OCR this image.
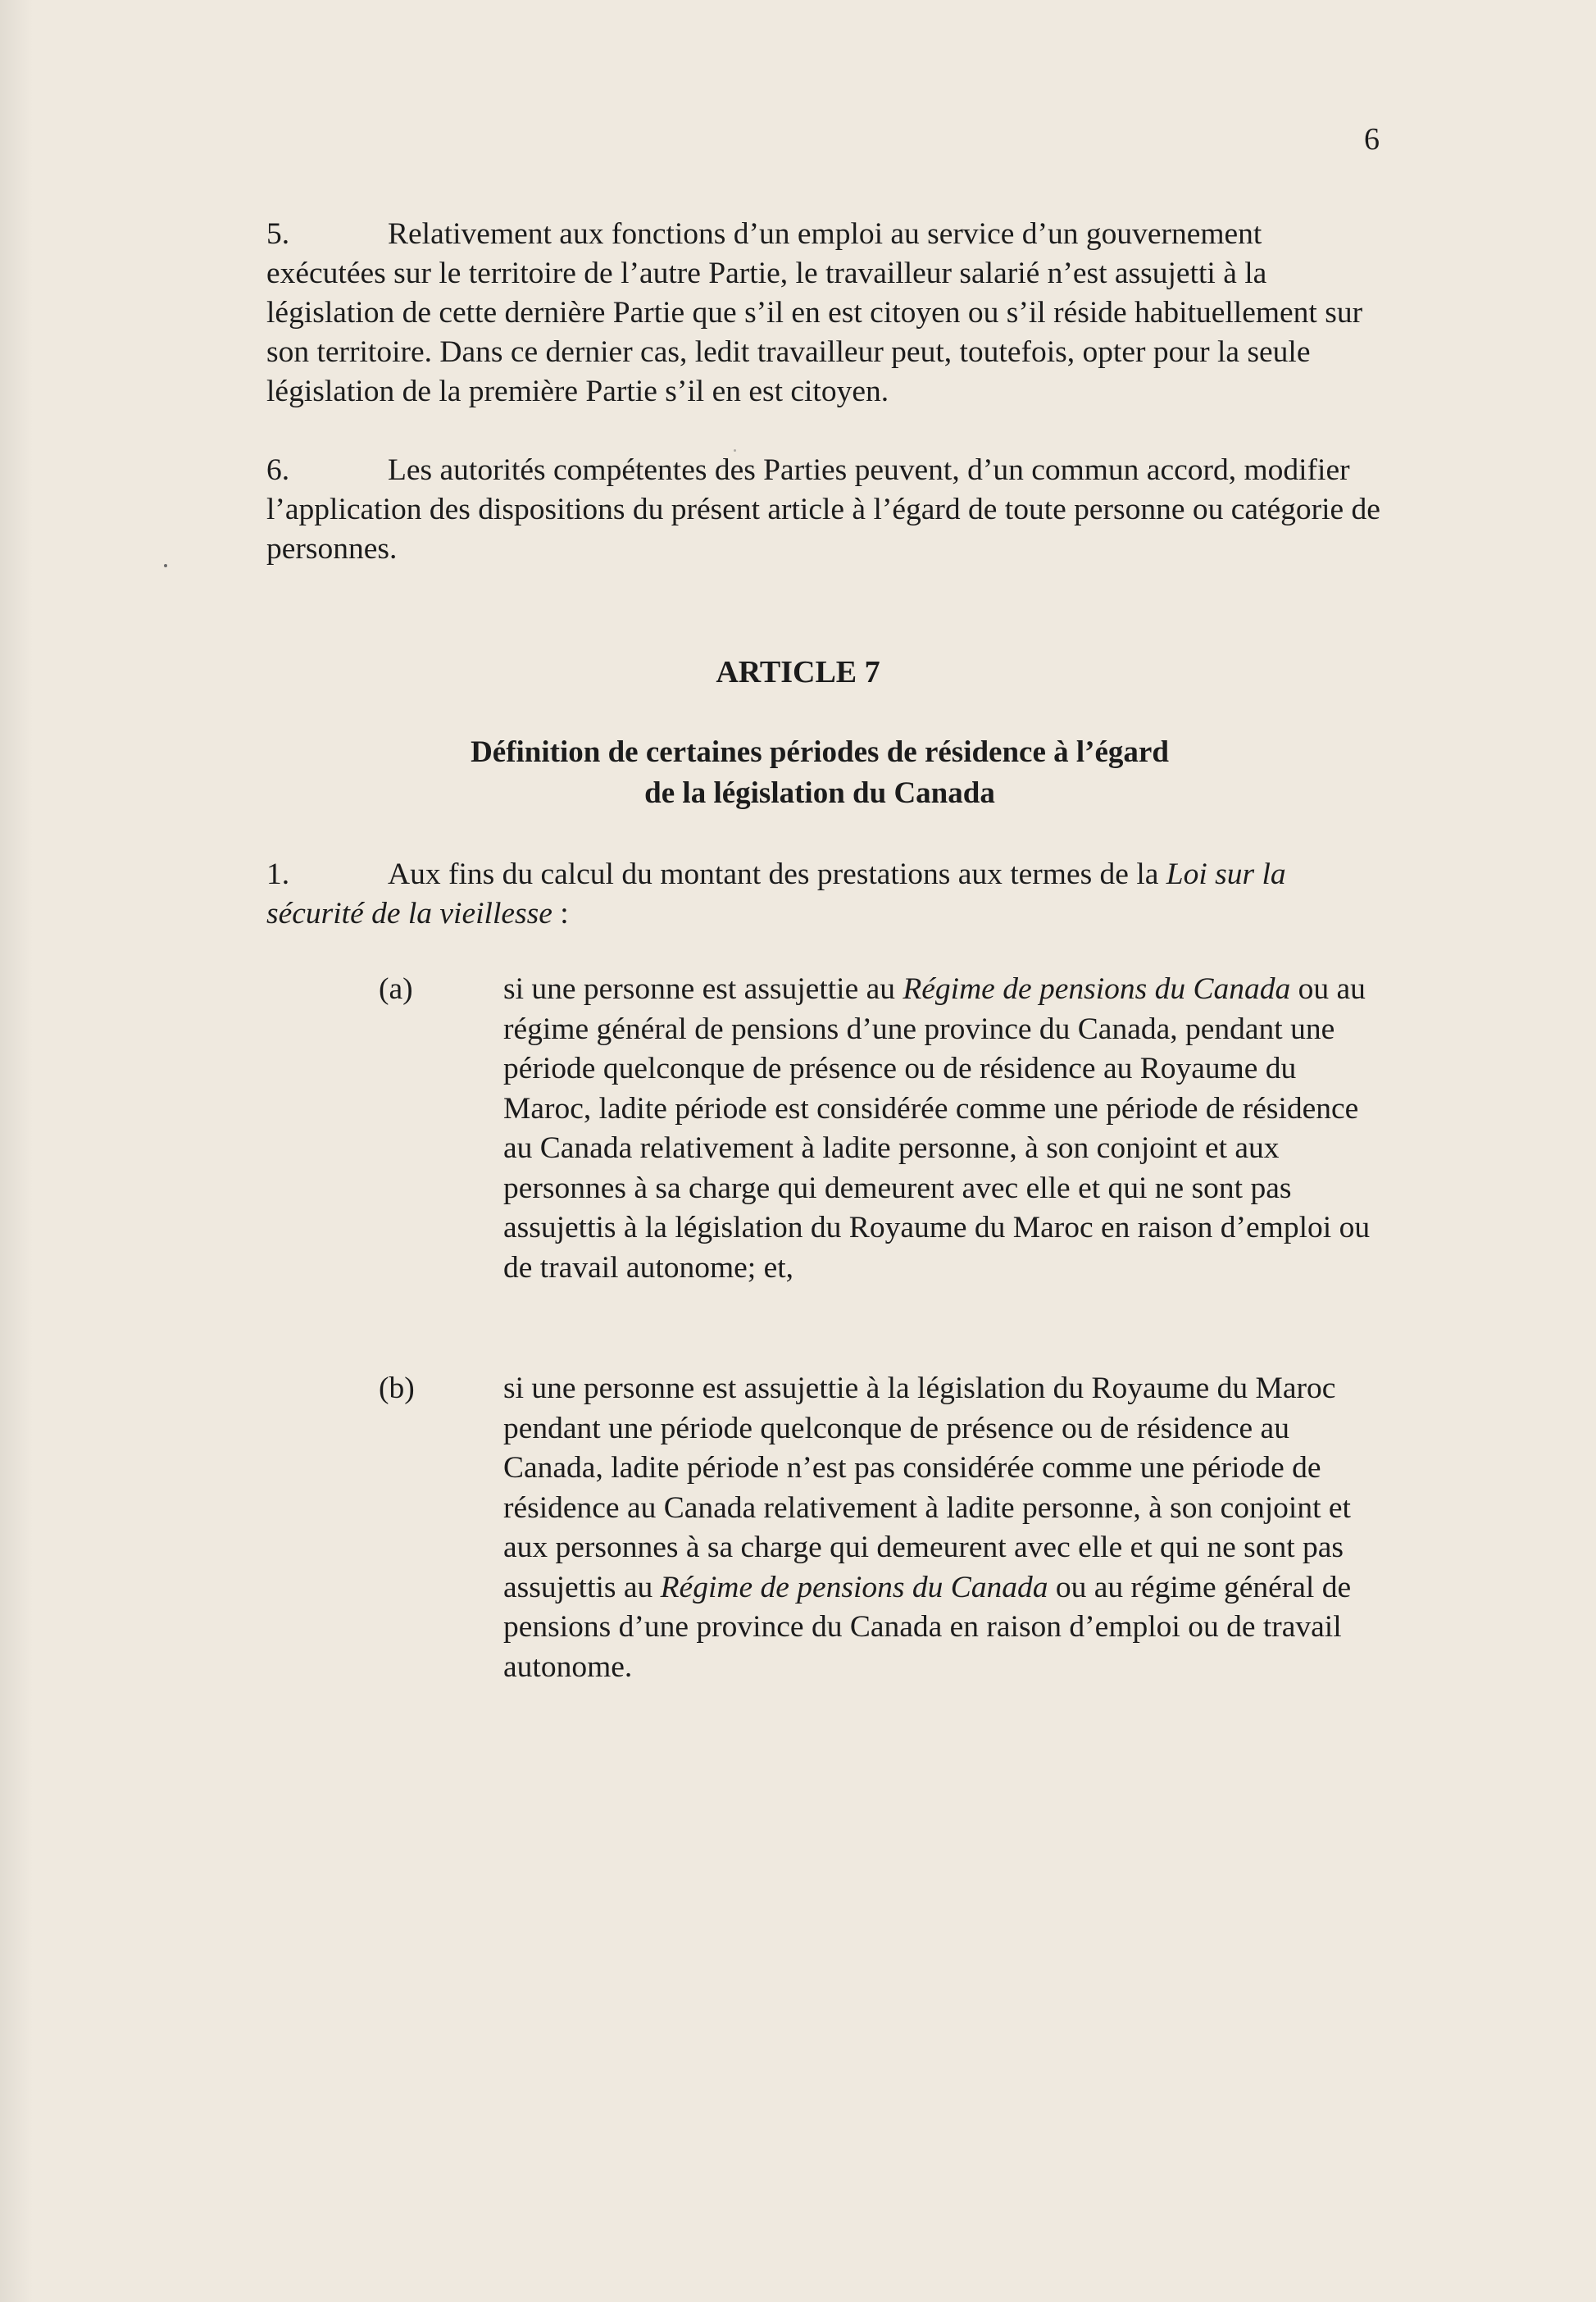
6
5.	Relativement aux fonctions d’un emploi au service d’un gouvernement exécutées sur le territoire de l’autre Partie, le travailleur salarié n’est assujetti à la législation de cette dernière Partie que s’il en est citoyen ou s’il réside habituellement sur son territoire. Dans ce dernier cas, ledit travailleur peut, toutefois, opter pour la seule législation de la première Partie s’il en est citoyen.
6.	Les autorités compétentes des Parties peuvent, d’un commun accord, modifier l’application des dispositions du présent article à l’égard de toute personne ou catégorie de personnes.
ARTICLE 7
Définition de certaines périodes de résidence à l’égard
de la législation du Canada
1.	Aux fins du calcul du montant des prestations aux termes de la Loi sur la sécurité de la vieillesse :
(a)	si une personne est assujettie au Régime de pensions du Canada ou au régime général de pensions d’une province du Canada, pendant une période quelconque de présence ou de résidence au Royaume du Maroc, ladite période est considérée comme une période de résidence au Canada relativement à ladite personne, à son conjoint et aux personnes à sa charge qui demeurent avec elle et qui ne sont pas assujettis à la législation du Royaume du Maroc en raison d’emploi ou de travail autonome; et,
(b)	si une personne est assujettie à la législation du Royaume du Maroc pendant une période quelconque de présence ou de résidence au Canada, ladite période n’est pas considérée comme une période de résidence au Canada relativement à ladite personne, à son conjoint et aux personnes à sa charge qui demeurent avec elle et qui ne sont pas assujettis au Régime de pensions du Canada ou au régime général de pensions d’une province du Canada en raison d’emploi ou de travail autonome.
